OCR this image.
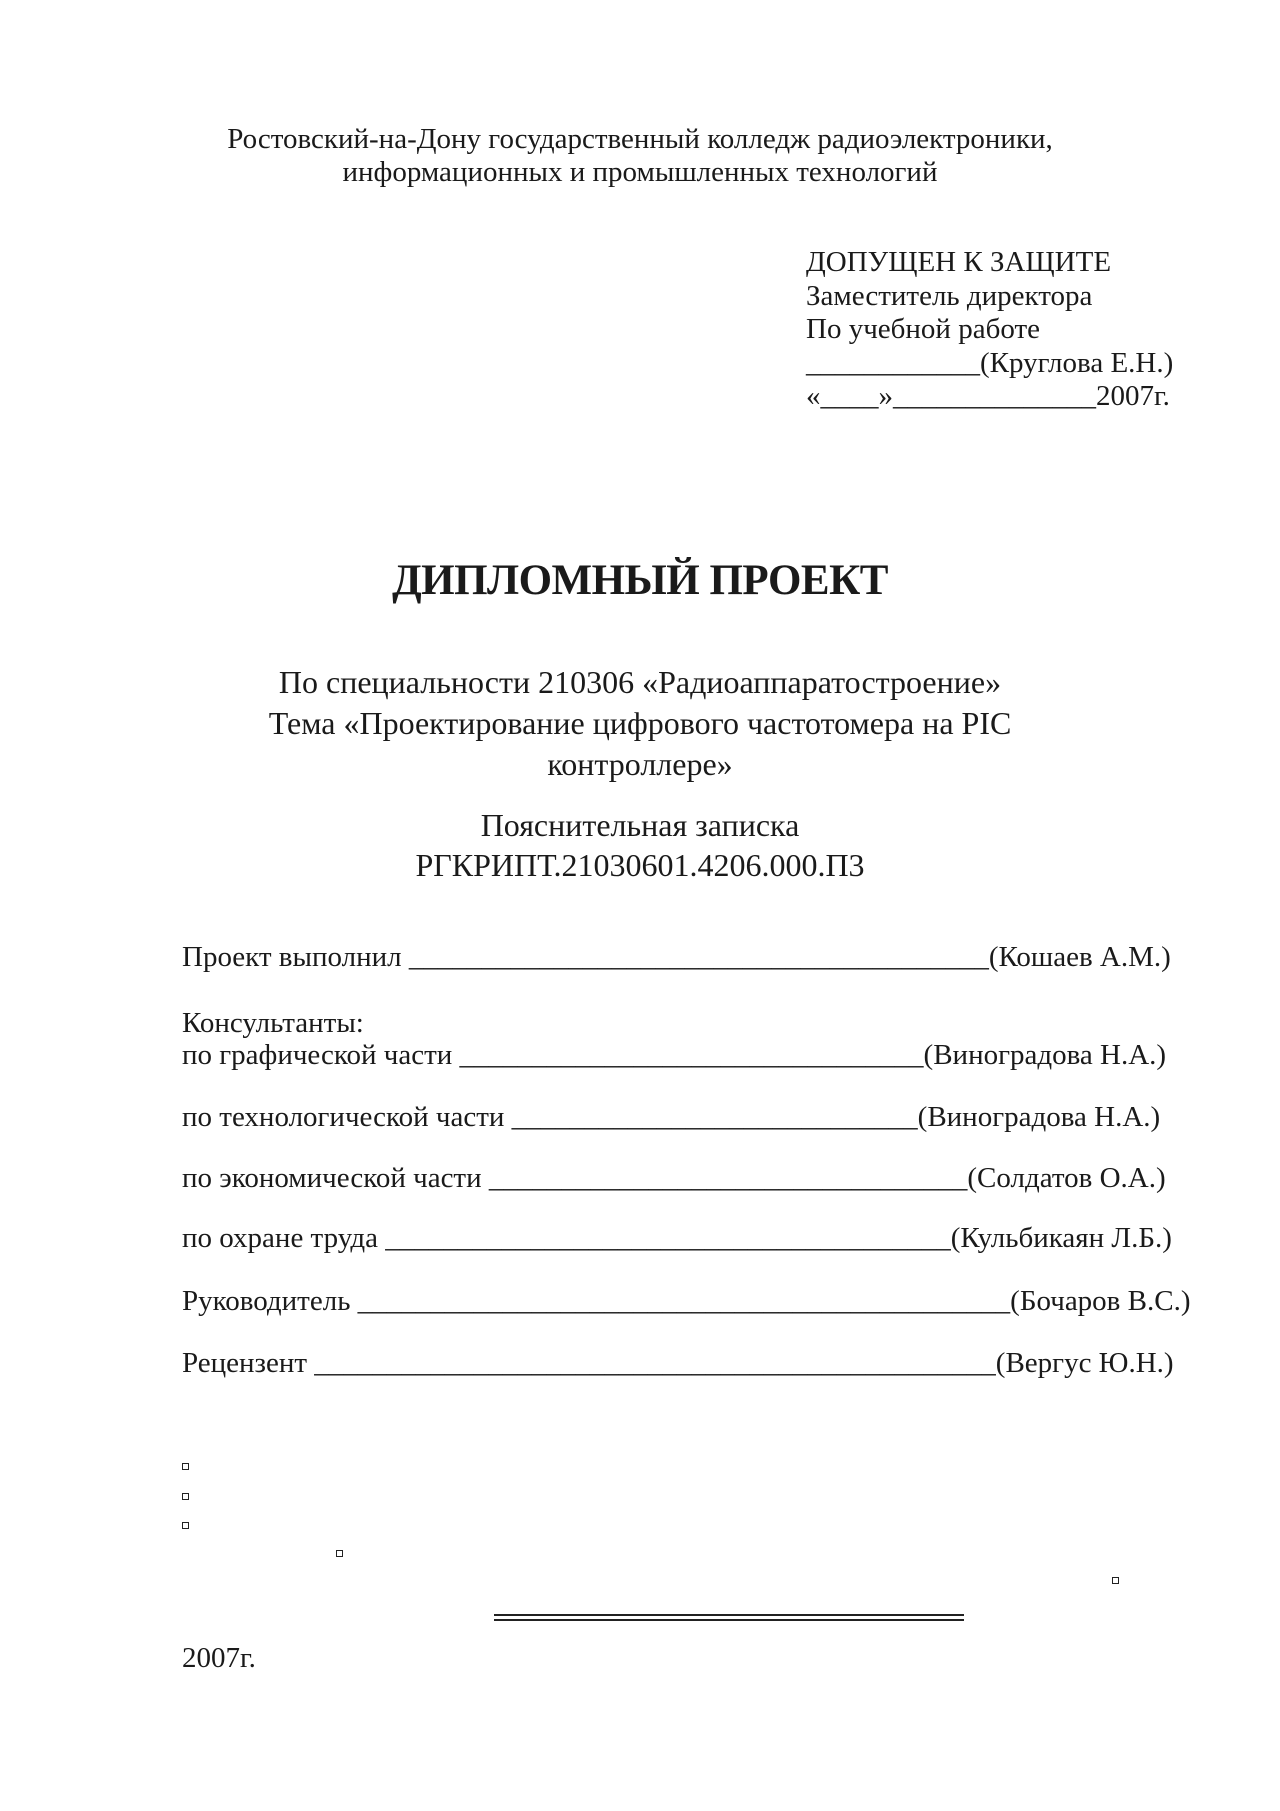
Ростовский-на-Дону государственный колледж радиоэлектроники,
информационных и промышленных технологий
ДОПУЩЕН К ЗАЩИТЕ
Заместитель директора
По учебной работе
____________(Круглова Е.Н.)
«____»______________2007г.
ДИПЛОМНЫЙ ПРОЕКТ
По специальности 210306 «Радиоаппаратостроение»
Тема «Проектирование цифрового частотомера на PIC
контроллере»
Пояснительная записка
РГКРИПТ.21030601.4206.000.П3
Проект выполнил ________________________________________(Кошаев А.М.)
Консультанты:
по графической части ________________________________(Виноградова Н.А.)
по технологической части ____________________________(Виноградова Н.А.)
по экономической части _________________________________(Солдатов О.А.)
по охране труда _______________________________________(Кульбикаян Л.Б.)
Руководитель _____________________________________________(Бочаров В.С.)
Рецензент _______________________________________________(Вергус Ю.Н.)
2007г.
